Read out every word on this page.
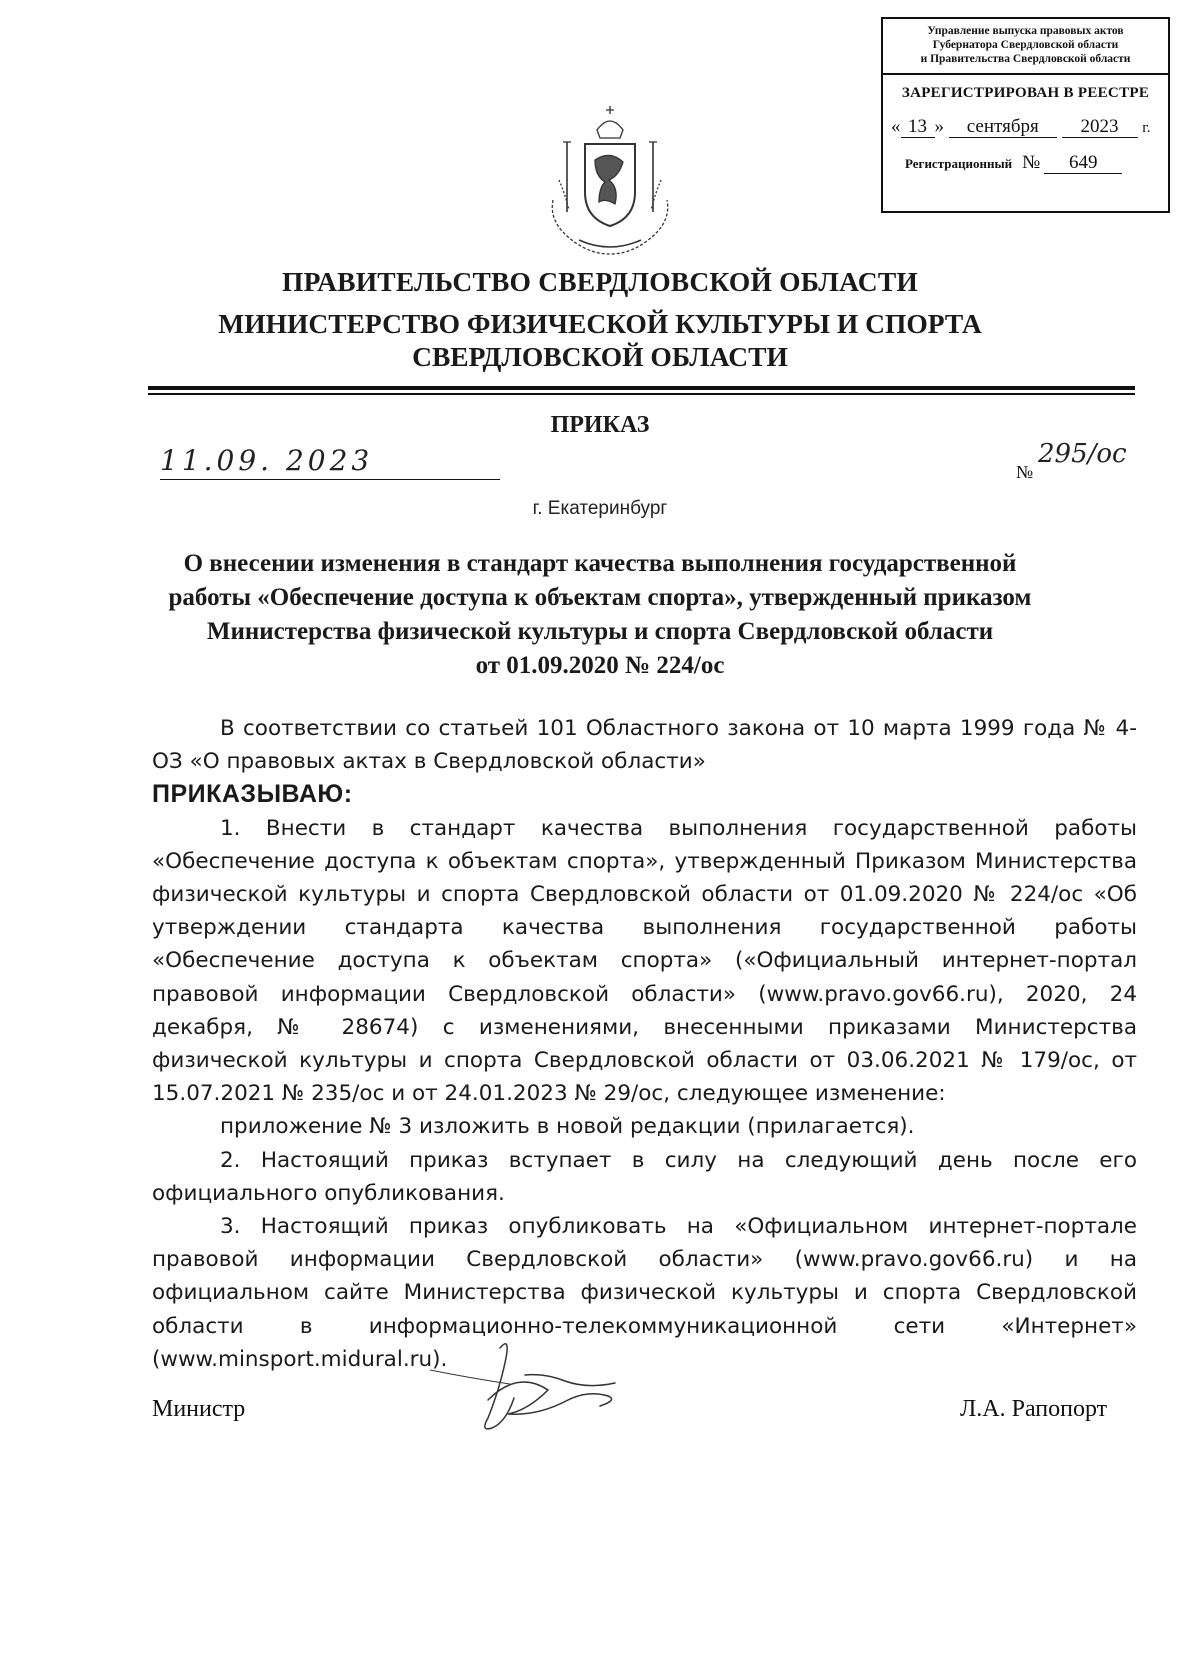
Управление выпуска правовых актов
Губернатора Свердловской области
и Правительства Свердловской области
ЗАРЕГИСТРИРОВАН В РЕЕСТРЕ
« 13 » сентября 2023 г.
Регистрационный № 649
ПРАВИТЕЛЬСТВО СВЕРДЛОВСКОЙ ОБЛАСТИ
МИНИСТЕРСТВО ФИЗИЧЕСКОЙ КУЛЬТУРЫ И СПОРТА
СВЕРДЛОВСКОЙ ОБЛАСТИ
ПРИКАЗ
11.09. 2023	№
295/ос
г. Екатеринбург
О внесении изменения в стандарт качества выполнения государственной
работы «Обеспечение доступа к объектам спорта», утвержденный приказом
Министерства физической культуры и спорта Свердловской области
от 01.09.2020 № 224/ос

В соответствии со статьей 101 Областного закона от 10 марта 1999 года № 4-ОЗ «О правовых актах в Свердловской области»

ПРИКАЗЫВАЮ:

1. Внести в стандарт качества выполнения государственной работы «Обеспечение доступа к объектам спорта», утвержденный Приказом Министерства физической культуры и спорта Свердловской области от 01.09.2020 № 224/ос «Об утверждении стандарта качества выполнения государственной работы «Обеспечение доступа к объектам спорта» («Официальный интернет-портал правовой информации Свердловской области» (www.pravo.gov66.ru), 2020, 24 декабря, № 28674) с изменениями, внесенными приказами Министерства физической культуры и спорта Свердловской области от 03.06.2021 № 179/ос, от 15.07.2021 № 235/ос и от 24.01.2023 № 29/ос, следующее изменение:

приложение № 3 изложить в новой редакции (прилагается).

2. Настоящий приказ вступает в силу на следующий день после его официального опубликования.

3. Настоящий приказ опубликовать на «Официальном интернет-портале правовой информации Свердловской области» (www.pravo.gov66.ru) и на официальном сайте Министерства физической культуры и спорта Свердловской области в информационно-телекоммуникационной сети «Интернет» (www.minsport.midural.ru).

Министр	Л.А. Рапопорт
